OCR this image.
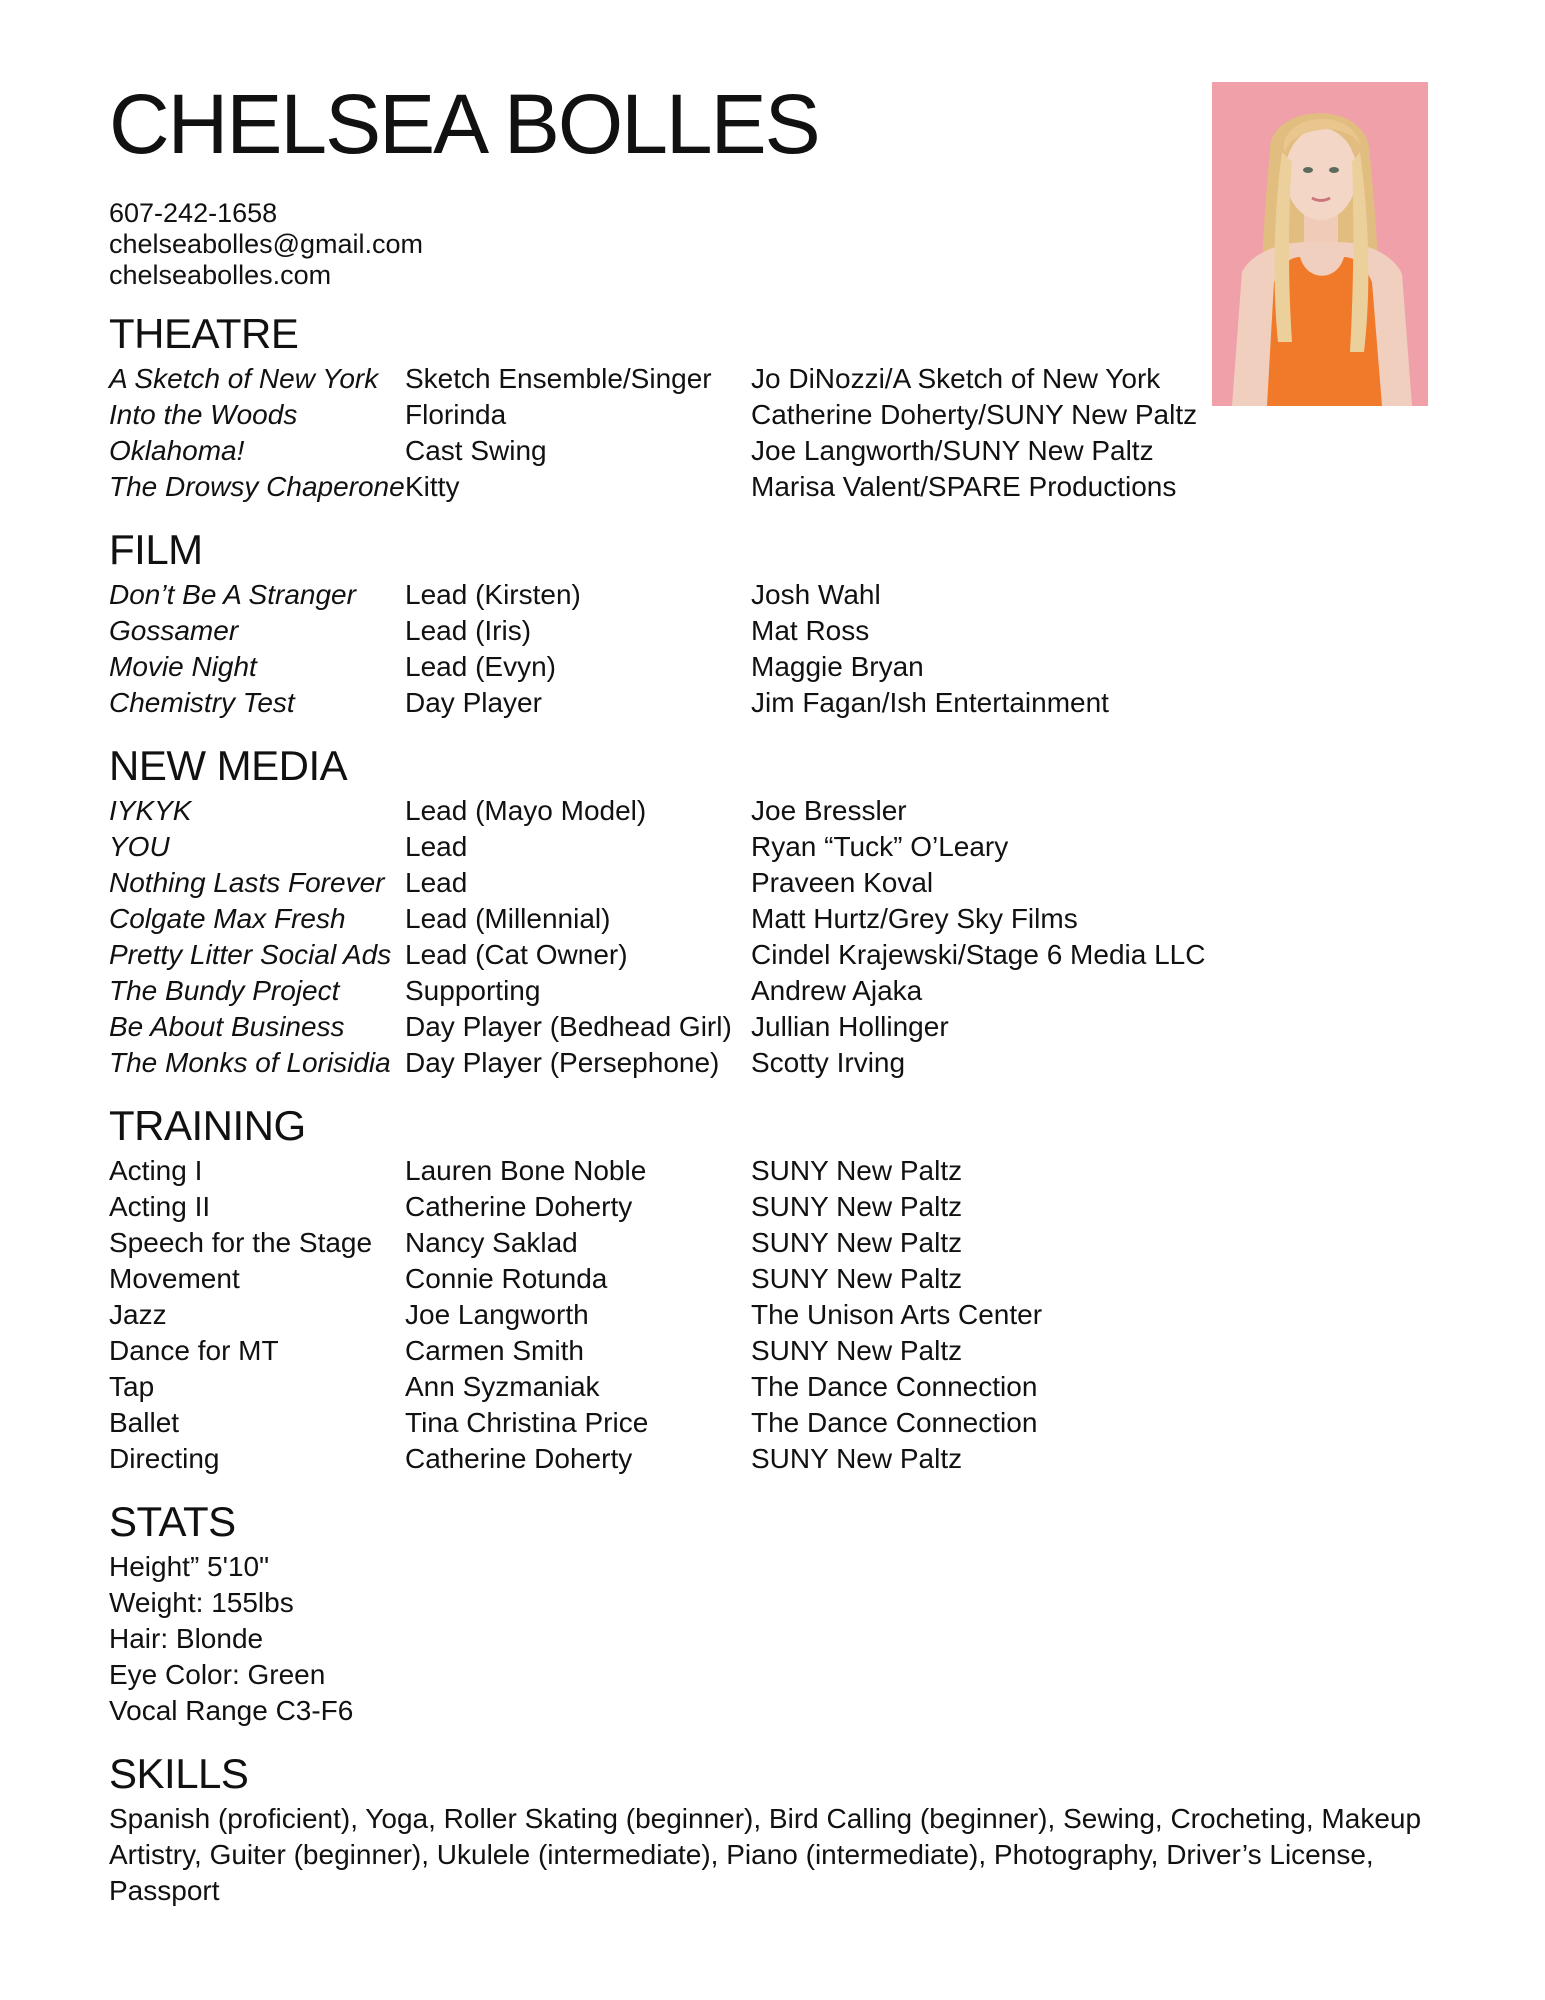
CHELSEA BOLLES
607-242-1658
chelseabolles@gmail.com
chelseabolles.com
THEATRE
A Sketch of New York	Sketch Ensemble/Singer	Jo DiNozzi/A Sketch of New York
Into the Woods	Florinda	Catherine Doherty/SUNY New Paltz
Oklahoma!	Cast Swing	Joe Langworth/SUNY New Paltz
The Drowsy Chaperone	Kitty	Marisa Valent/SPARE Productions
FILM
Don’t Be A Stranger	Lead (Kirsten)	Josh Wahl
Gossamer	Lead (Iris)	Mat Ross
Movie Night	Lead (Evyn)	Maggie Bryan
Chemistry Test	Day Player	Jim Fagan/Ish Entertainment
NEW MEDIA
IYKYK	Lead (Mayo Model)	Joe Bressler
YOU	Lead	Ryan “Tuck” O’Leary
Nothing Lasts Forever	Lead	Praveen Koval
Colgate Max Fresh	Lead (Millennial)	Matt Hurtz/Grey Sky Films
Pretty Litter Social Ads	Lead (Cat Owner)	Cindel Krajewski/Stage 6 Media LLC
The Bundy Project	Supporting	Andrew Ajaka
Be About Business	Day Player (Bedhead Girl)	Jullian Hollinger
The Monks of Lorisidia	Day Player (Persephone)	Scotty Irving
TRAINING
Acting I	Lauren Bone Noble	SUNY New Paltz
Acting II	Catherine Doherty	SUNY New Paltz
Speech for the Stage	Nancy Saklad	SUNY New Paltz
Movement	Connie Rotunda	SUNY New Paltz
Jazz	Joe Langworth	The Unison Arts Center
Dance for MT	Carmen Smith	SUNY New Paltz
Tap	Ann Syzmaniak	The Dance Connection
Ballet	Tina Christina Price	The Dance Connection
Directing	Catherine Doherty	SUNY New Paltz
STATS
Height” 5'10"
Weight: 155lbs
Hair: Blonde
Eye Color: Green
Vocal Range C3-F6
SKILLS
Spanish (proficient), Yoga, Roller Skating (beginner), Bird Calling (beginner), Sewing, Crocheting, Makeup Artistry, Guiter (beginner), Ukulele (intermediate), Piano (intermediate), Photography, Driver’s License, Passport
